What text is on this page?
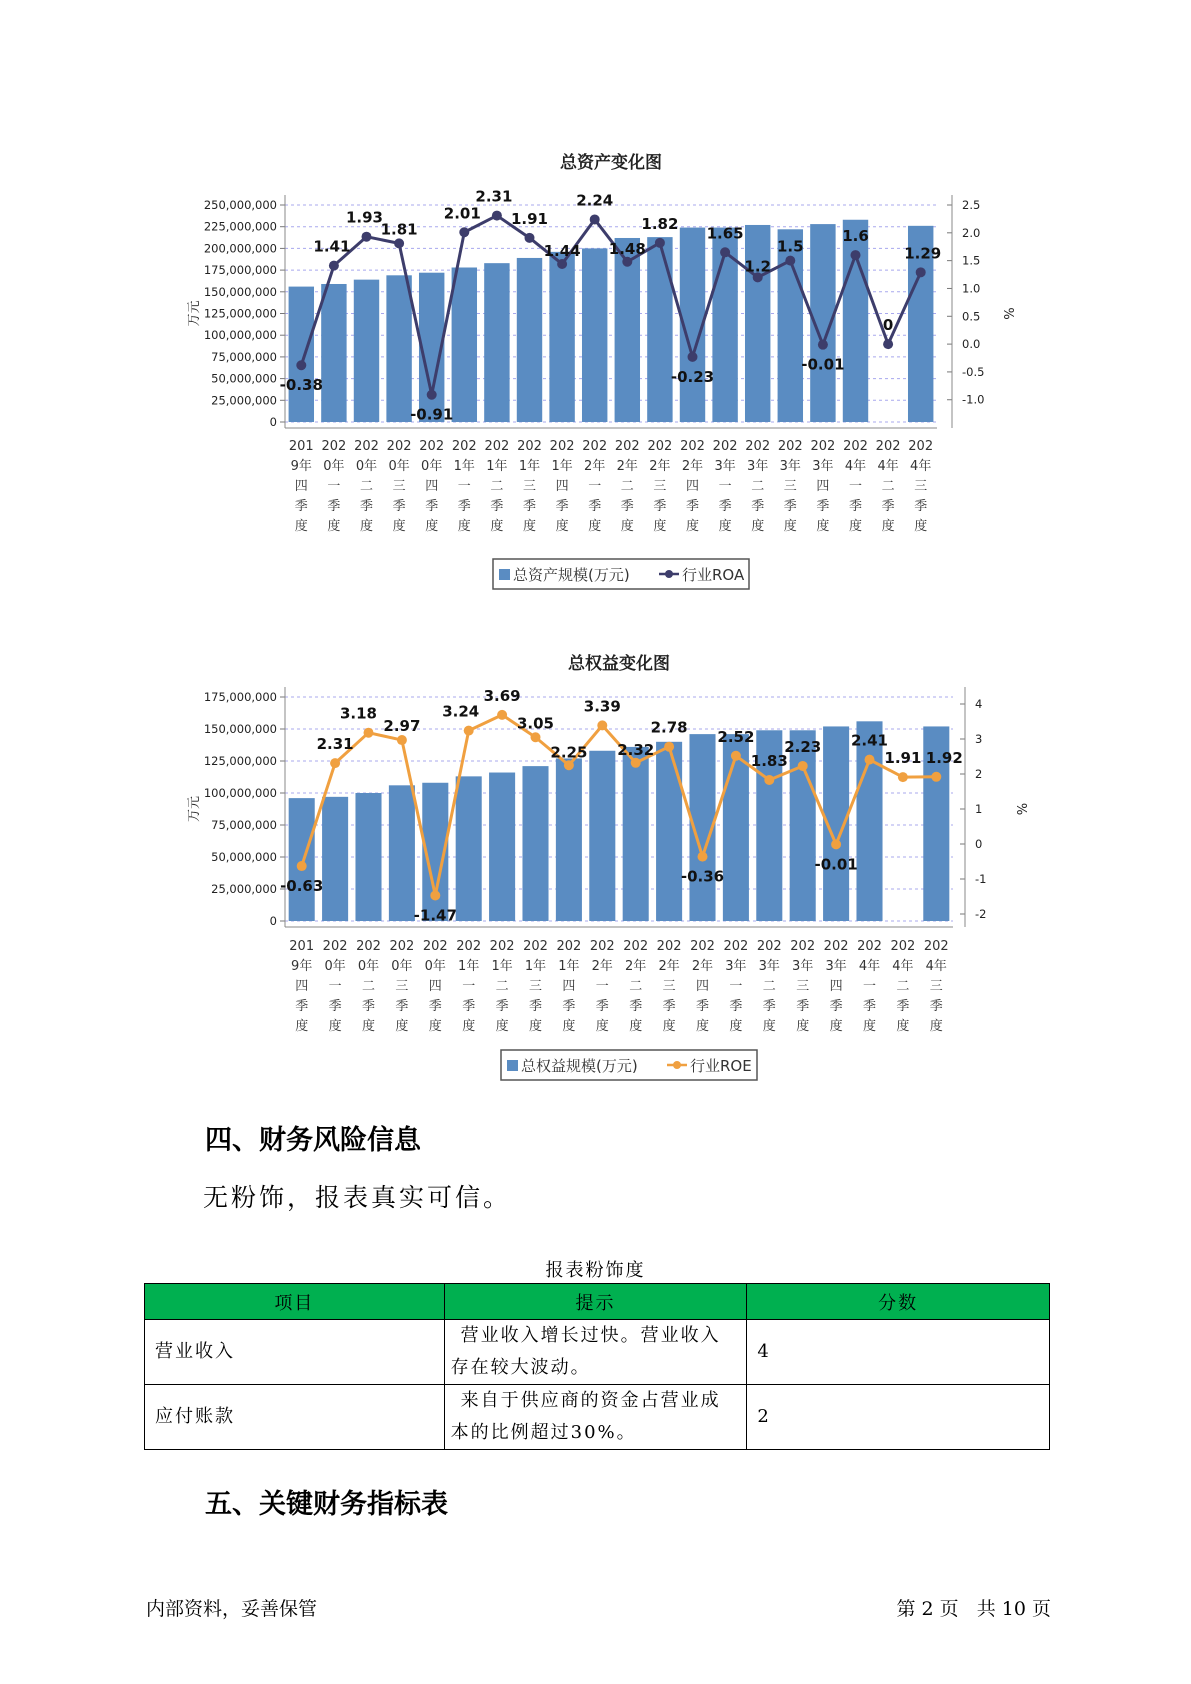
总资产变化图
250,000,000
225,000,000
200,000,000
175,000,000
150,000,000
125,000,000
100,000,000
75,000,000
50,000,000
25,000,000
0
2.5
2.0
1.5
1.0
0.5
0.0
-0.5
-1.0
万元	%
-0.38
1.41
1.93
1.81
-0.91
2.01
2.31
1.91
1.44
2.24
1.48
1.82
-0.23
1.65
1.2
1.5
-0.01
1.6
0
1.29
201
9年
四
季
度
202
0年
一
季
度
202
0年
二
季
度
202
0年
三
季
度
202
0年
四
季
度
202
1年
一
季
度
202
1年
二
季
度
202
1年
三
季
度
202
1年
四
季
度
202
2年
一
季
度
202
2年
二
季
度
202
2年
三
季
度
202
2年
四
季
度
202
3年
一
季
度
202
3年
二
季
度
202
3年
三
季
度
202
3年
四
季
度
202
4年
一
季
度
202
4年
二
季
度
202
4年
三
季
度
总资产规模(万元)	行业ROA
总权益变化图
175,000,000
150,000,000
125,000,000
100,000,000
75,000,000
50,000,000
25,000,000
0
4
3
2
1
0
-1
-2
万元	%
-0.63
2.31
3.18
2.97
-1.47
3.24
3.69
3.05
2.25
3.39
2.32
2.78
-0.36
2.52
1.83
2.23
-0.01
2.41
1.91 1.92
201
9年
四
季
度
202
0年
一
季
度
202
0年
二
季
度
202
0年
三
季
度
202
0年
四
季
度
202
1年
一
季
度
202
1年
二
季
度
202
1年
三
季
度
202
1年
四
季
度
202
2年
一
季
度
202
2年
二
季
度
202
2年
三
季
度
202
2年
四
季
度
202
3年
一
季
度
202
3年
二
季
度
202
3年
三
季
度
202
3年
四
季
度
202
4年
一
季
度
202
4年
二
季
度
202
4年
三
季
度
总权益规模(万元)	行业ROE
四、财务风险信息

无粉饰，报表真实可信。

报表粉饰度
项目	提示	分数
营业收入	营业收入增长过快。营业收入存在较大波动。	4
应付账款	来自于供应商的资金占营业成本的比例超过30%。	2
五、关键财务指标表
内部资料，妥善保管	第 2 页   共 10 页
